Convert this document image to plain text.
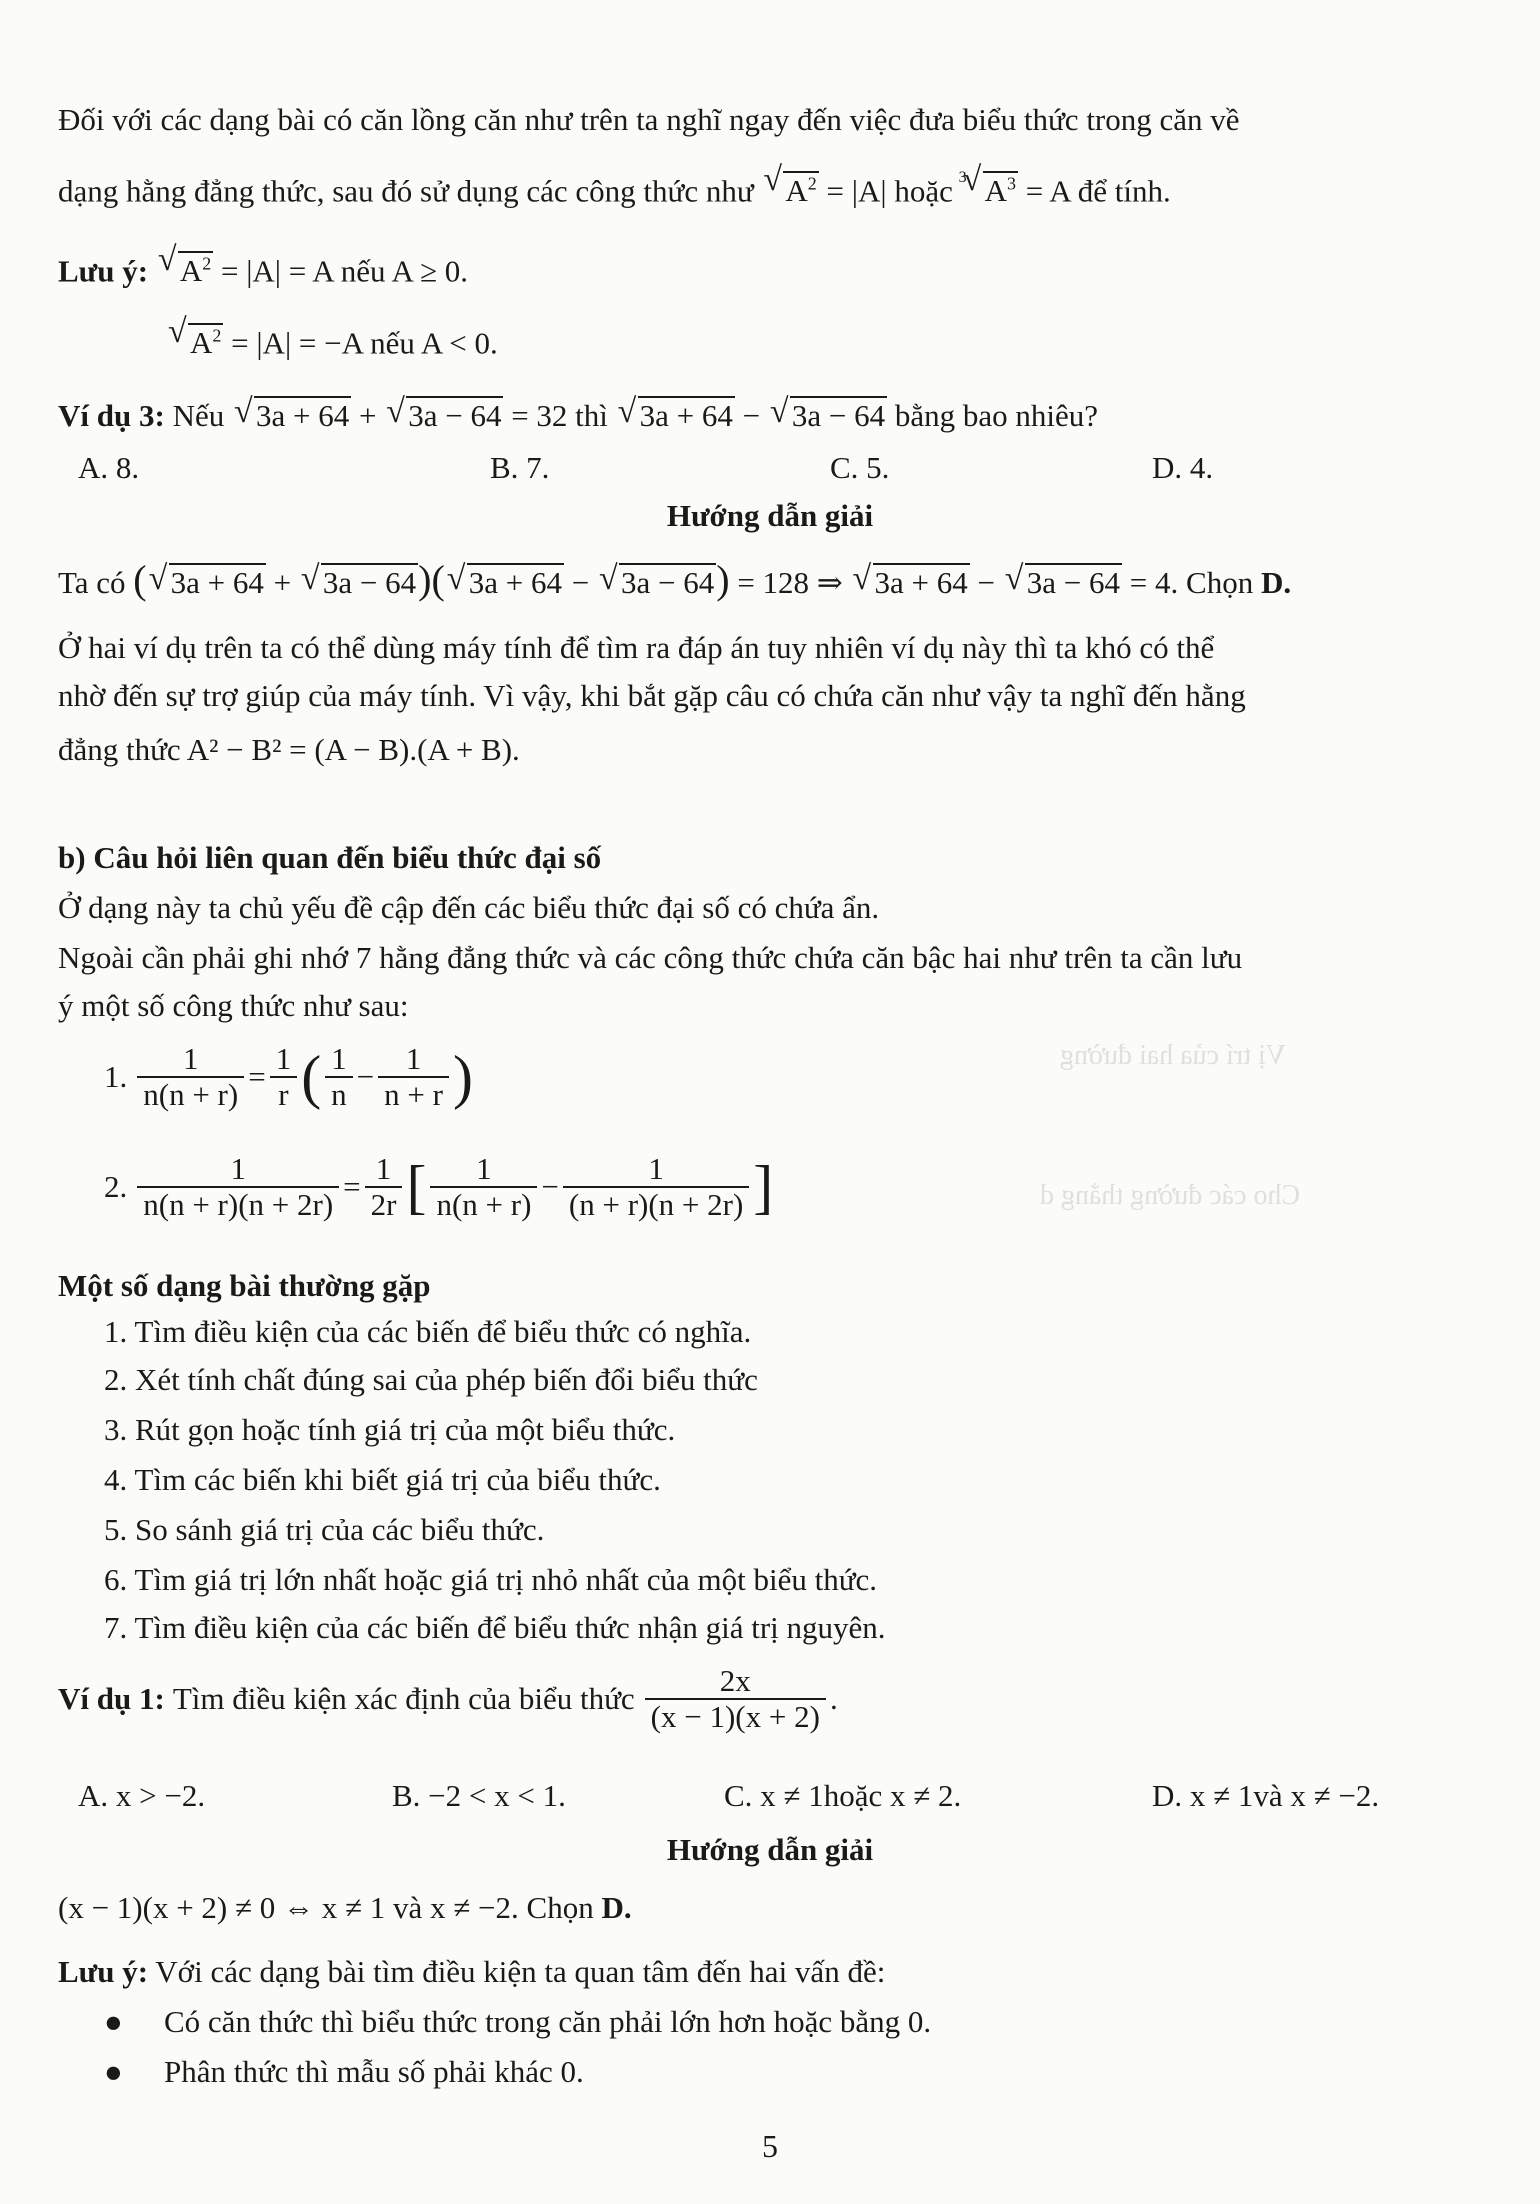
Cho các đường thẳng d
Vị trí của hai đường
Đối với các dạng bài có căn lồng căn như trên ta nghĩ ngay đến việc đưa biểu thức trong căn về
dạng hằng đẳng thức, sau đó sử dụng các công thức như √ $A^2 = |A|$ hoặc √ 3 $A^3 = A$ để tính.
Lưu ý: √ $A^2 = |A| = A$ nếu A ≥ 0.
√ $A^2 = |A| = -A$ nếu A < 0.
Ví dụ 3: Nếu √ 3a + 64 + √ 3a − 64 = 32 thì √ 3a + 64 − √ 3a − 64 bằng bao nhiêu?
A. 8.	B. 7.	C. 5.	D. 4.
Hướng dẫn giải
Ta có ( √ 3a + 64 + √ 3a − 64)( √ 3a + 64 − √ 3a − 64) = 128 ⇒ √ 3a + 64 − √ 3a − 64 = 4. Chọn D.
Ở hai ví dụ trên ta có thể dùng máy tính để tìm ra đáp án tuy nhiên ví dụ này thì ta khó có thể
nhờ đến sự trợ giúp của máy tính. Vì vậy, khi bắt gặp câu có chứa căn như vậy ta nghĩ đến hằng
đẳng thức A² − B² = (A − B).(A + B).
b) Câu hỏi liên quan đến biểu thức đại số
Ở dạng này ta chủ yếu đề cập đến các biểu thức đại số có chứa ẩn.
Ngoài cần phải ghi nhớ 7 hằng đẳng thức và các công thức chứa căn bậc hai như trên ta cần lưu
ý một số công thức như sau:
1. $\frac{1}{n(n + r)} = \frac{1}{r}$ ( $\frac{1}{n} - \frac{1}{n + r}$ )
2. $\frac{1}{n(n + r)(n + 2r)} = \frac{1}{2r}$ [ $\frac{1}{n(n + r)} - \frac{1}{(n + r)(n + 2r)}$ ]
Một số dạng bài thường gặp
1. Tìm điều kiện của các biến để biểu thức có nghĩa.
2. Xét tính chất đúng sai của phép biến đổi biểu thức
3. Rút gọn hoặc tính giá trị của một biểu thức.
4. Tìm các biến khi biết giá trị của biểu thức.
5. So sánh giá trị của các biểu thức.
6. Tìm giá trị lớn nhất hoặc giá trị nhỏ nhất của một biểu thức.
7. Tìm điều kiện của các biến để biểu thức nhận giá trị nguyên.
Ví dụ 1: Tìm điều kiện xác định của biểu thức $\frac{2x}{(x - 1)(x + 2)}$ .
A. x > −2.	B. −2 < x < 1.	C. x ≠ 1hoặc x ≠ 2.	D. x ≠ 1và x ≠ −2.
Hướng dẫn giải
(x − 1)(x + 2) ≠ 0 ⇔ x ≠ 1 và x ≠ −2. Chọn D.
Lưu ý: Với các dạng bài tìm điều kiện ta quan tâm đến hai vấn đề:
● Có căn thức thì biểu thức trong căn phải lớn hơn hoặc bằng 0.
● Phân thức thì mẫu số phải khác 0.
5
